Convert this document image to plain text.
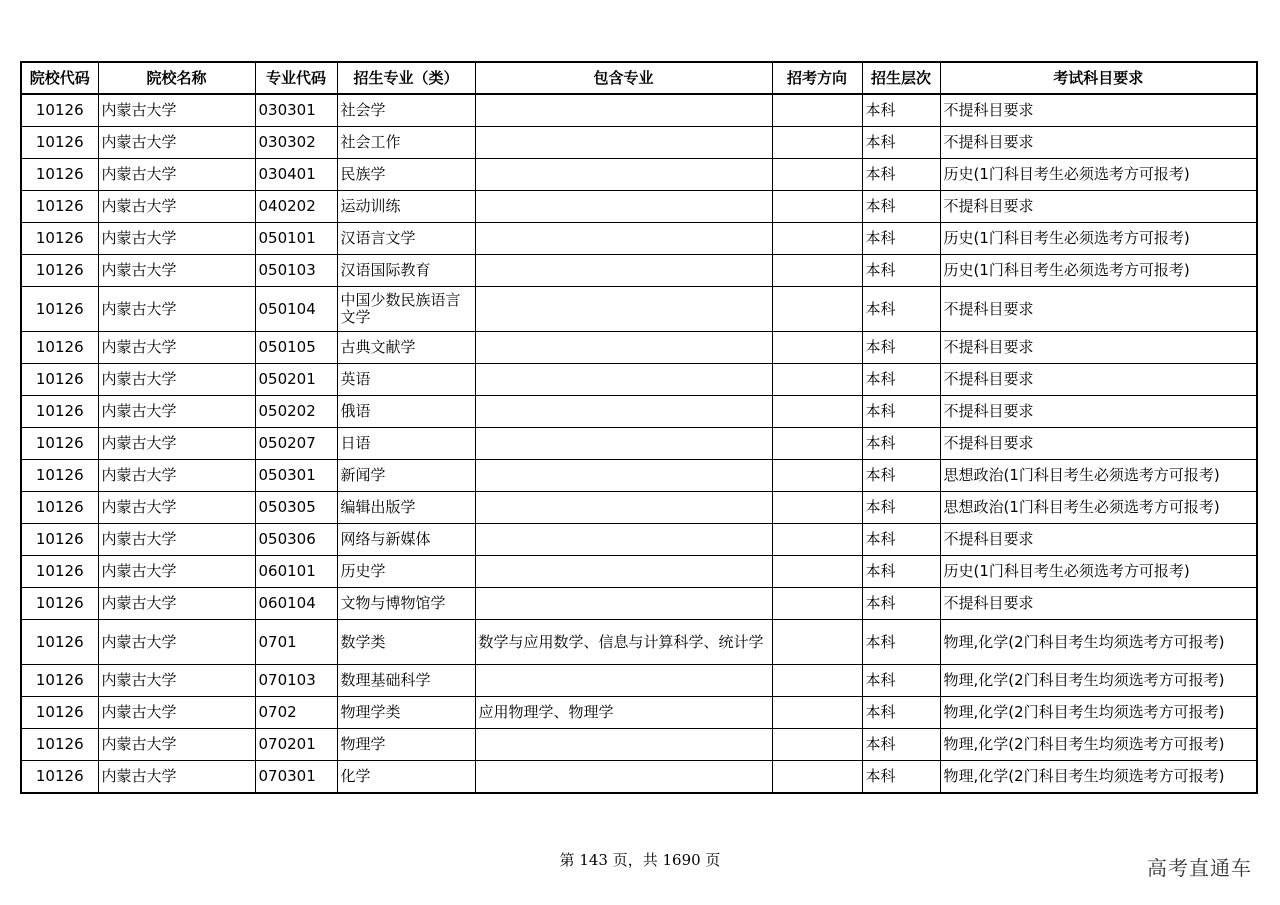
院校代码	院校名称	专业代码	招生专业（类）	包含专业	招考方向	招生层次	考试科目要求
10126	内蒙古大学	030301	社会学			本科	不提科目要求
10126	内蒙古大学	030302	社会工作			本科	不提科目要求
10126	内蒙古大学	030401	民族学			本科	历史(1门科目考生必须选考方可报考)
10126	内蒙古大学	040202	运动训练			本科	不提科目要求
10126	内蒙古大学	050101	汉语言文学			本科	历史(1门科目考生必须选考方可报考)
10126	内蒙古大学	050103	汉语国际教育			本科	历史(1门科目考生必须选考方可报考)
10126	内蒙古大学	050104	中国少数民族语言文学			本科	不提科目要求
10126	内蒙古大学	050105	古典文献学			本科	不提科目要求
10126	内蒙古大学	050201	英语			本科	不提科目要求
10126	内蒙古大学	050202	俄语			本科	不提科目要求
10126	内蒙古大学	050207	日语			本科	不提科目要求
10126	内蒙古大学	050301	新闻学			本科	思想政治(1门科目考生必须选考方可报考)
10126	内蒙古大学	050305	编辑出版学			本科	思想政治(1门科目考生必须选考方可报考)
10126	内蒙古大学	050306	网络与新媒体			本科	不提科目要求
10126	内蒙古大学	060101	历史学			本科	历史(1门科目考生必须选考方可报考)
10126	内蒙古大学	060104	文物与博物馆学			本科	不提科目要求
10126	内蒙古大学	0701	数学类	数学与应用数学、信息与计算科学、统计学		本科	物理,化学(2门科目考生均须选考方可报考)
10126	内蒙古大学	070103	数理基础科学			本科	物理,化学(2门科目考生均须选考方可报考)
10126	内蒙古大学	0702	物理学类	应用物理学、物理学		本科	物理,化学(2门科目考生均须选考方可报考)
10126	内蒙古大学	070201	物理学			本科	物理,化学(2门科目考生均须选考方可报考)
10126	内蒙古大学	070301	化学			本科	物理,化学(2门科目考生均须选考方可报考)
第 143 页，共 1690 页	高考直通车
